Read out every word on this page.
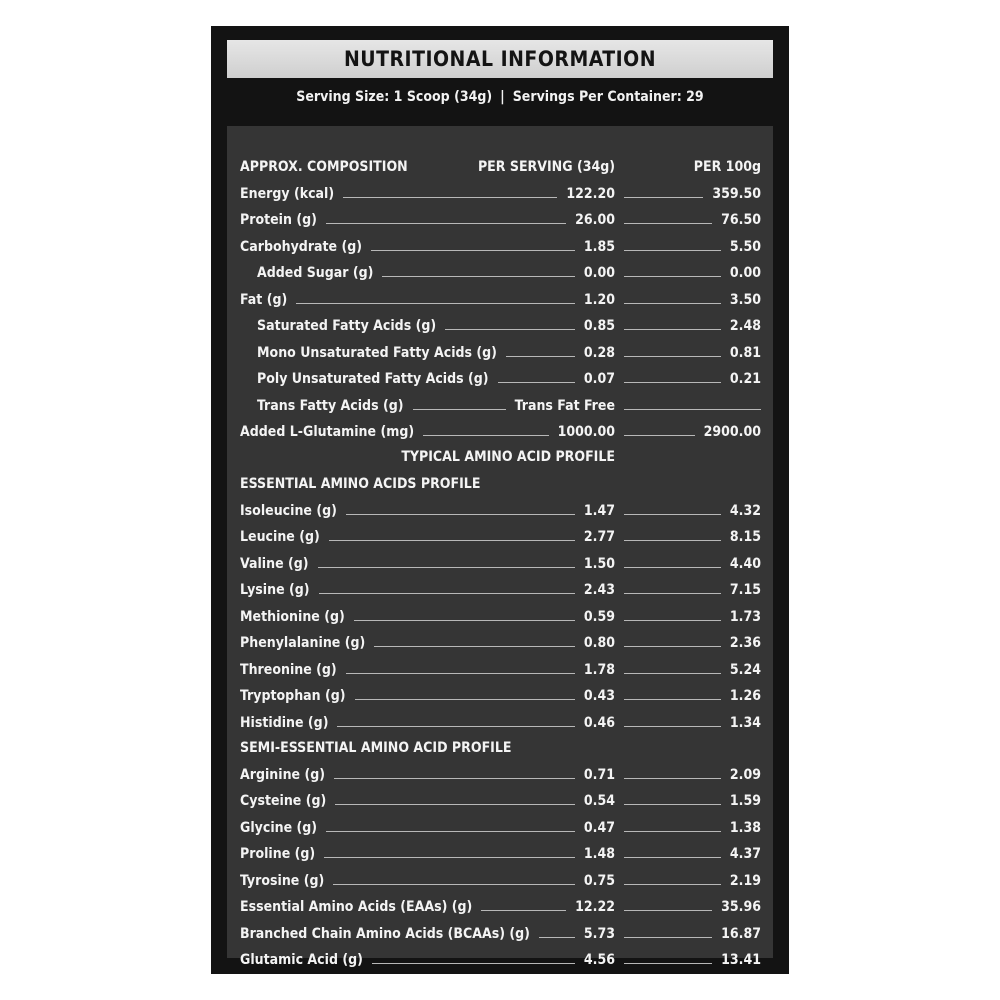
NUTRITIONAL INFORMATION
Serving Size: 1 Scoop (34g) | Servings Per Container: 29
APPROX. COMPOSITION	PER SERVING (34g)	PER 100g
Energy (kcal)	122.20	359.50
Protein (g)	26.00	76.50
Carbohydrate (g)	1.85	5.50
Added Sugar (g)	0.00	0.00
Fat (g)	1.20	3.50
Saturated Fatty Acids (g)	0.85	2.48
Mono Unsaturated Fatty Acids (g)	0.28	0.81
Poly Unsaturated Fatty Acids (g)	0.07	0.21
Trans Fatty Acids (g)	Trans Fat Free
Added L-Glutamine (mg)	1000.00	2900.00
TYPICAL AMINO ACID PROFILE
ESSENTIAL AMINO ACIDS PROFILE
Isoleucine (g)	1.47	4.32
Leucine (g)	2.77	8.15
Valine (g)	1.50	4.40
Lysine (g)	2.43	7.15
Methionine (g)	0.59	1.73
Phenylalanine (g)	0.80	2.36
Threonine (g)	1.78	5.24
Tryptophan (g)	0.43	1.26
Histidine (g)	0.46	1.34
SEMI-ESSENTIAL AMINO ACID PROFILE
Arginine (g)	0.71	2.09
Cysteine (g)	0.54	1.59
Glycine (g)	0.47	1.38
Proline (g)	1.48	4.37
Tyrosine (g)	0.75	2.19
Essential Amino Acids (EAAs) (g)	12.22	35.96
Branched Chain Amino Acids (BCAAs) (g)	5.73	16.87
Glutamic Acid (g)	4.56	13.41
